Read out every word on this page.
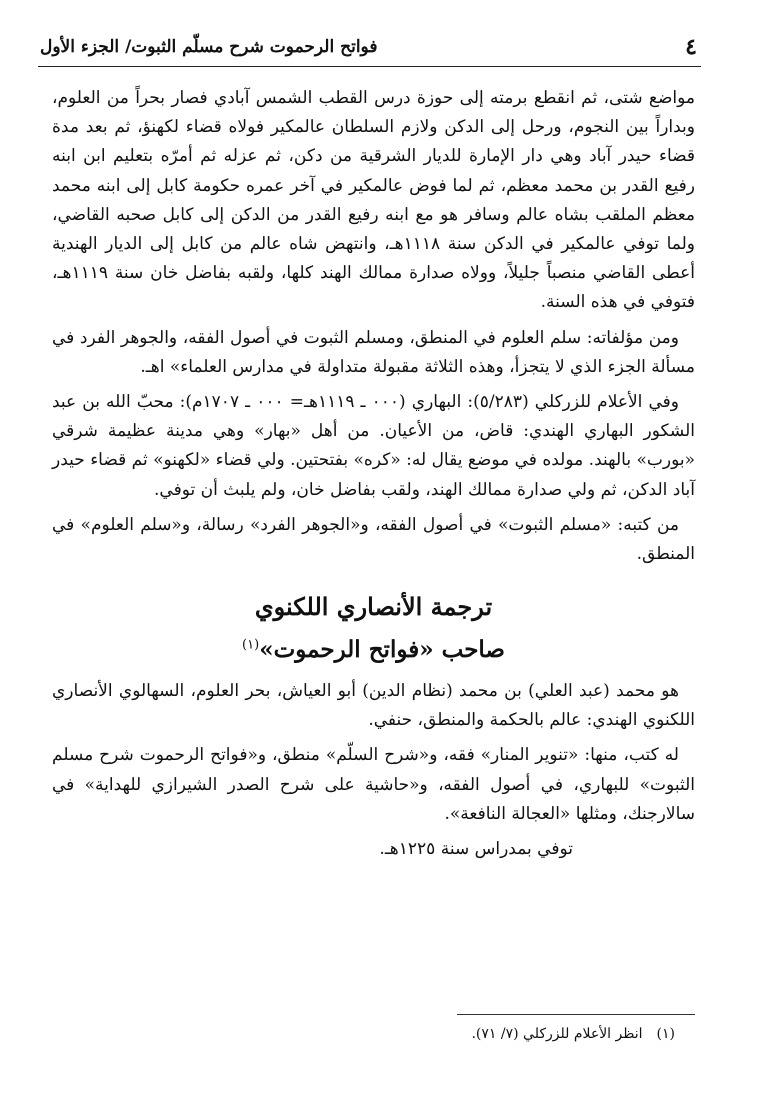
٤
فواتح الرحموت شرح مسلّم الثبوت/ الجزء الأول

مواضع شتى، ثم انقطع برمته إلى حوزة درس القطب الشمس آبادي فصار بحراً من العلوم، وبداراً بين النجوم، ورحل إلى الدكن ولازم السلطان عالمكير فولاه قضاء لكهنؤ، ثم بعد مدة قضاء حيدر آباد وهي دار الإمارة للديار الشرقية من دكن، ثم عزله ثم أمرّه بتعليم ابن ابنه رفيع القدر بن محمد معظم، ثم لما فوض عالمكير في آخر عمره حكومة كابل إلى ابنه محمد معظم الملقب بشاه عالم وسافر هو مع ابنه رفيع القدر من الدكن إلى كابل صحبه القاضي، ولما توفي عالمكير في الدكن سنة ١١١٨هـ، وانتهض شاه عالم من كابل إلى الديار الهندية أعطى القاضي منصباً جليلاً، وولاه صدارة ممالك الهند كلها، ولقبه بفاضل خان سنة ١١١٩هـ، فتوفي في هذه السنة.

ومن مؤلفاته: سلم العلوم في المنطق، ومسلم الثبوت في أصول الفقه، والجوهر الفرد في مسألة الجزء الذي لا يتجزأ، وهذه الثلاثة مقبولة متداولة في مدارس العلماء» اهـ.

وفي الأعلام للزركلي (٥/٢٨٣): البهاري (٠٠٠ ـ ١١١٩هـ= ٠٠٠ ـ ١٧٠٧م): محبّ الله بن عبد الشكور البهاري الهندي: قاض، من الأعيان. من أهل «بهار» وهي مدينة عظيمة شرقي «بورب» بالهند. مولده في موضع يقال له: «كره» بفتحتين. ولي قضاء «لكهنو» ثم قضاء حيدر آباد الدكن، ثم ولي صدارة ممالك الهند، ولقب بفاضل خان، ولم يلبث أن توفي.

من كتبه: «مسلم الثبوت» في أصول الفقه، و«الجوهر الفرد» رسالة، و«سلم العلوم» في المنطق.

ترجمة الأنصاري اللكنوي
صاحب «فواتح الرحموت»$^{(١)}$

هو محمد (عبد العلي) بن محمد (نظام الدين) أبو العياش، بحر العلوم، السهالوي الأنصاري اللكنوي الهندي: عالم بالحكمة والمنطق، حنفي.

له كتب، منها: «تنوير المنار» فقه، و«شرح السلّم» منطق، و«فواتح الرحموت شرح مسلم الثبوت» للبهاري، في أصول الفقه، و«حاشية على شرح الصدر الشيرازي للهداية» في سالارجنك، ومثلها «العجالة النافعة».

توفي بمدراس سنة ١٢٢٥هـ.

(١)انظر الأعلام للزركلي (٧/ ٧١).
